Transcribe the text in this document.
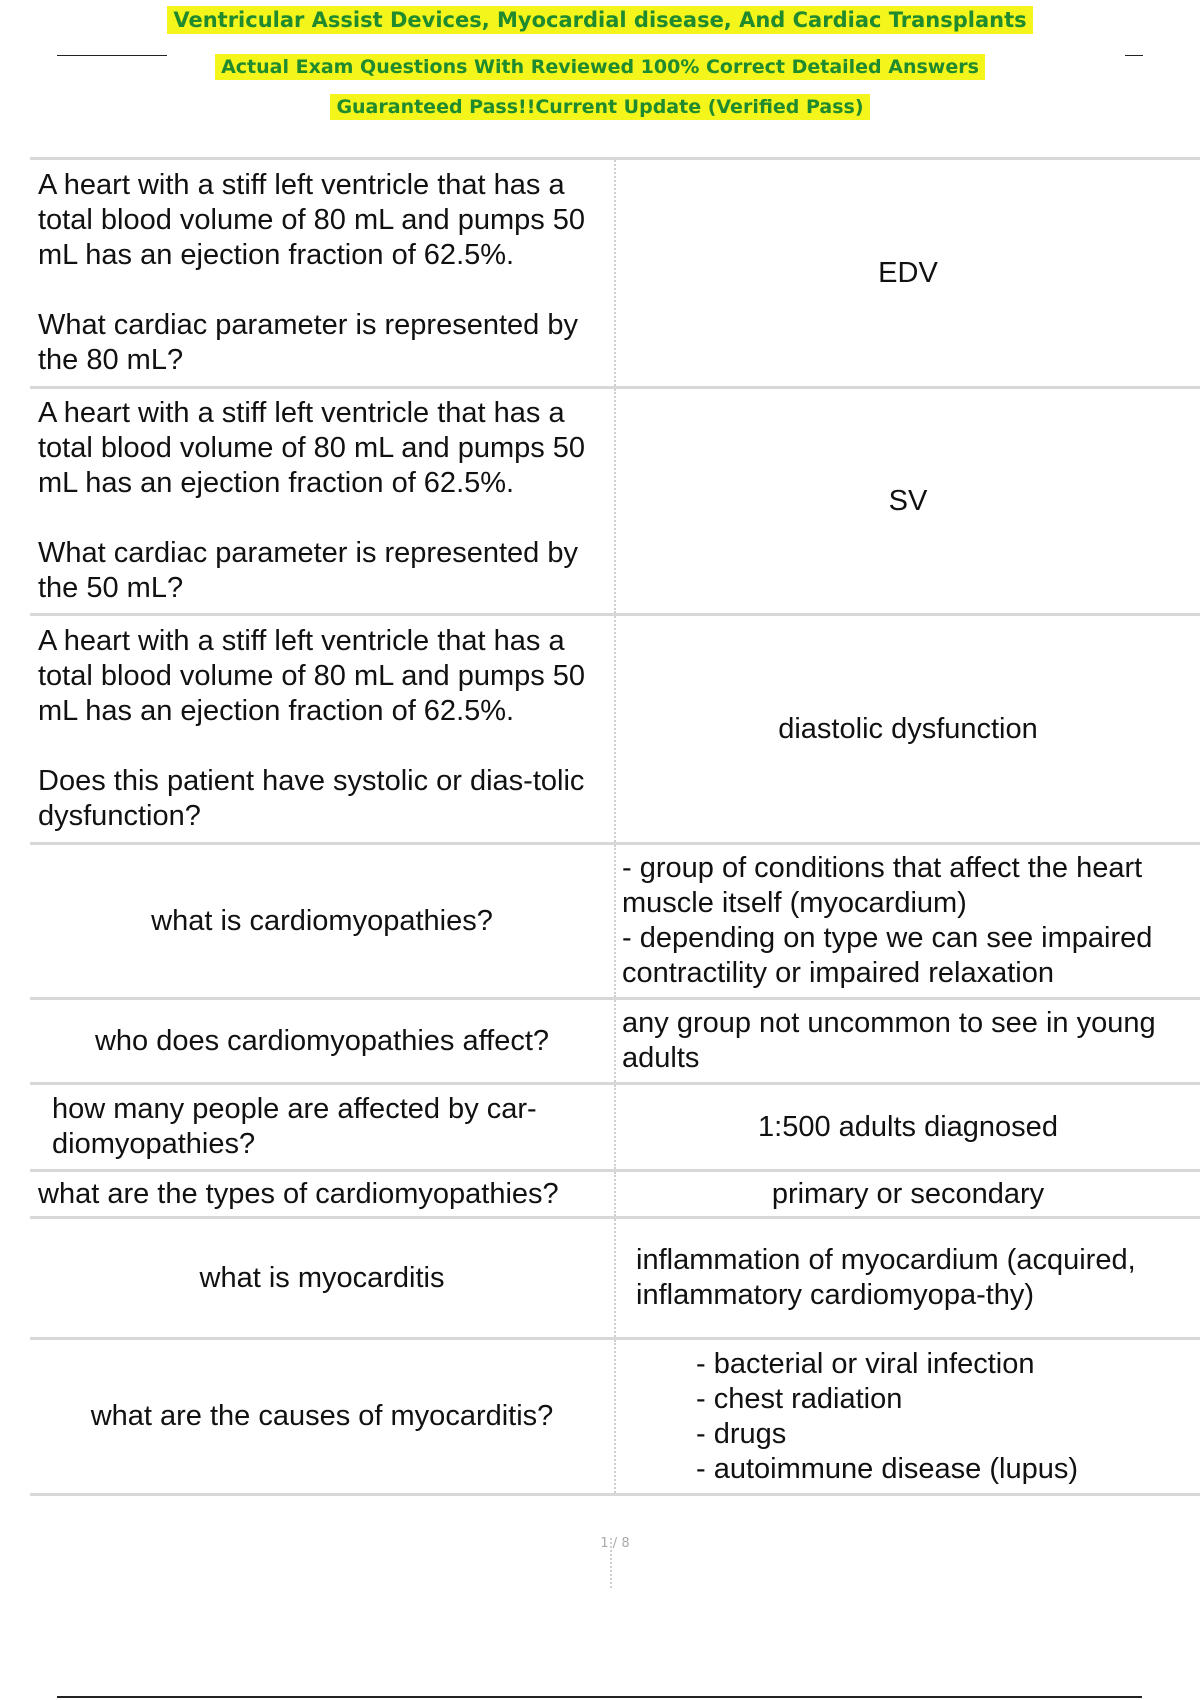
Ventricular Assist Devices, Myocardial disease, And Cardiac Transplants
Actual Exam Questions With Reviewed 100% Correct Detailed Answers
Guaranteed Pass!!Current Update (Verified Pass)
A heart with a stiff left ventricle that has a total blood volume of 80 mL and pumps 50 mL has an ejection fraction of 62.5%.
What cardiac parameter is represented by the 80 mL?	EDV

A heart with a stiff left ventricle that has a total blood volume of 80 mL and pumps 50 mL has an ejection fraction of 62.5%.
What cardiac parameter is represented by the 50 mL?	SV

A heart with a stiff left ventricle that has a total blood volume of 80 mL and pumps 50 mL has an ejection fraction of 62.5%.
Does this patient have systolic or dias-tolic dysfunction?	diastolic dysfunction
what is cardiomyopathies?	- group of conditions that affect the heart muscle itself (myocardium)
- depending on type we can see impaired contractility or impaired relaxation

who does cardiomyopathies affect?	any group not uncommon to see in young adults
how many people are affected by car-diomyopathies?	1:500 adults diagnosed
what are the types of cardiomyopathies?	primary or secondary
what is myocarditis	inflammation of myocardium (acquired, inflammatory cardiomyopa-thy)
what are the causes of myocarditis?	- bacterial or viral infection
- chest radiation
- drugs
- autoimmune disease (lupus)
1 / 8
